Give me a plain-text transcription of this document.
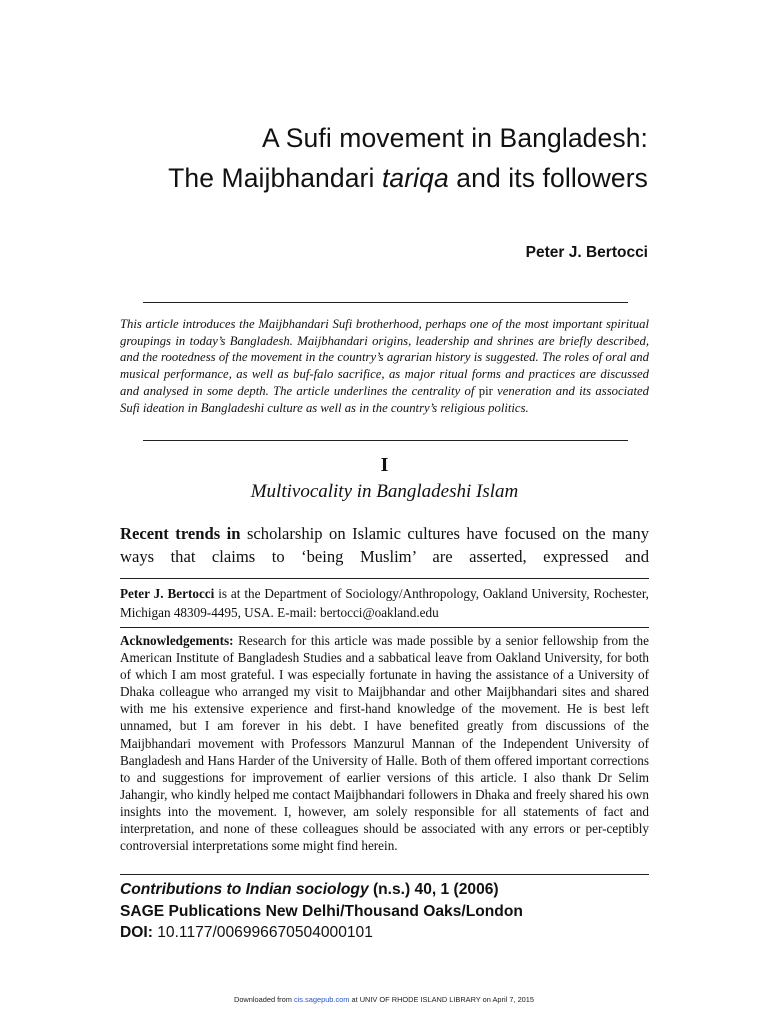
A Sufi movement in Bangladesh:
The Maijbhandari tariqa and its followers
Peter J. Bertocci
This article introduces the Maijbhandari Sufi brotherhood, perhaps one of the most important spiritual groupings in today’s Bangladesh. Maijbhandari origins, leadership and shrines are briefly described, and the rootedness of the movement in the country’s agrarian history is suggested. The roles of oral and musical performance, as well as buf-falo sacrifice, as major ritual forms and practices are discussed and analysed in some depth. The article underlines the centrality of pir veneration and its associated Sufi ideation in Bangladeshi culture as well as in the country’s religious politics.
I
Multivocality in Bangladeshi Islam
Recent trends in scholarship on Islamic cultures have focused on the many ways that claims to ‘being Muslim’ are asserted, expressed and
Peter J. Bertocci is at the Department of Sociology/Anthropology, Oakland University, Rochester, Michigan 48309-4495, USA. E-mail: bertocci@oakland.edu
Acknowledgements: Research for this article was made possible by a senior fellowship from the American Institute of Bangladesh Studies and a sabbatical leave from Oakland University, for both of which I am most grateful. I was especially fortunate in having the assistance of a University of Dhaka colleague who arranged my visit to Maijbhandar and other Maijbhandari sites and shared with me his extensive experience and first-hand knowledge of the movement. He is best left unnamed, but I am forever in his debt. I have benefited greatly from discussions of the Maijbhandari movement with Professors Manzurul Mannan of the Independent University of Bangladesh and Hans Harder of the University of Halle. Both of them offered important corrections to and suggestions for improvement of earlier versions of this article. I also thank Dr Selim Jahangir, who kindly helped me contact Maijbhandari followers in Dhaka and freely shared his own insights into the movement. I, however, am solely responsible for all statements of fact and interpretation, and none of these colleagues should be associated with any errors or per-ceptibly controversial interpretations some might find herein.
Contributions to Indian sociology (n.s.) 40, 1 (2006)
SAGE Publications New Delhi/Thousand Oaks/London
DOI: 10.1177/006996670504000101
Downloaded from cis.sagepub.com at UNIV OF RHODE ISLAND LIBRARY on April 7, 2015
